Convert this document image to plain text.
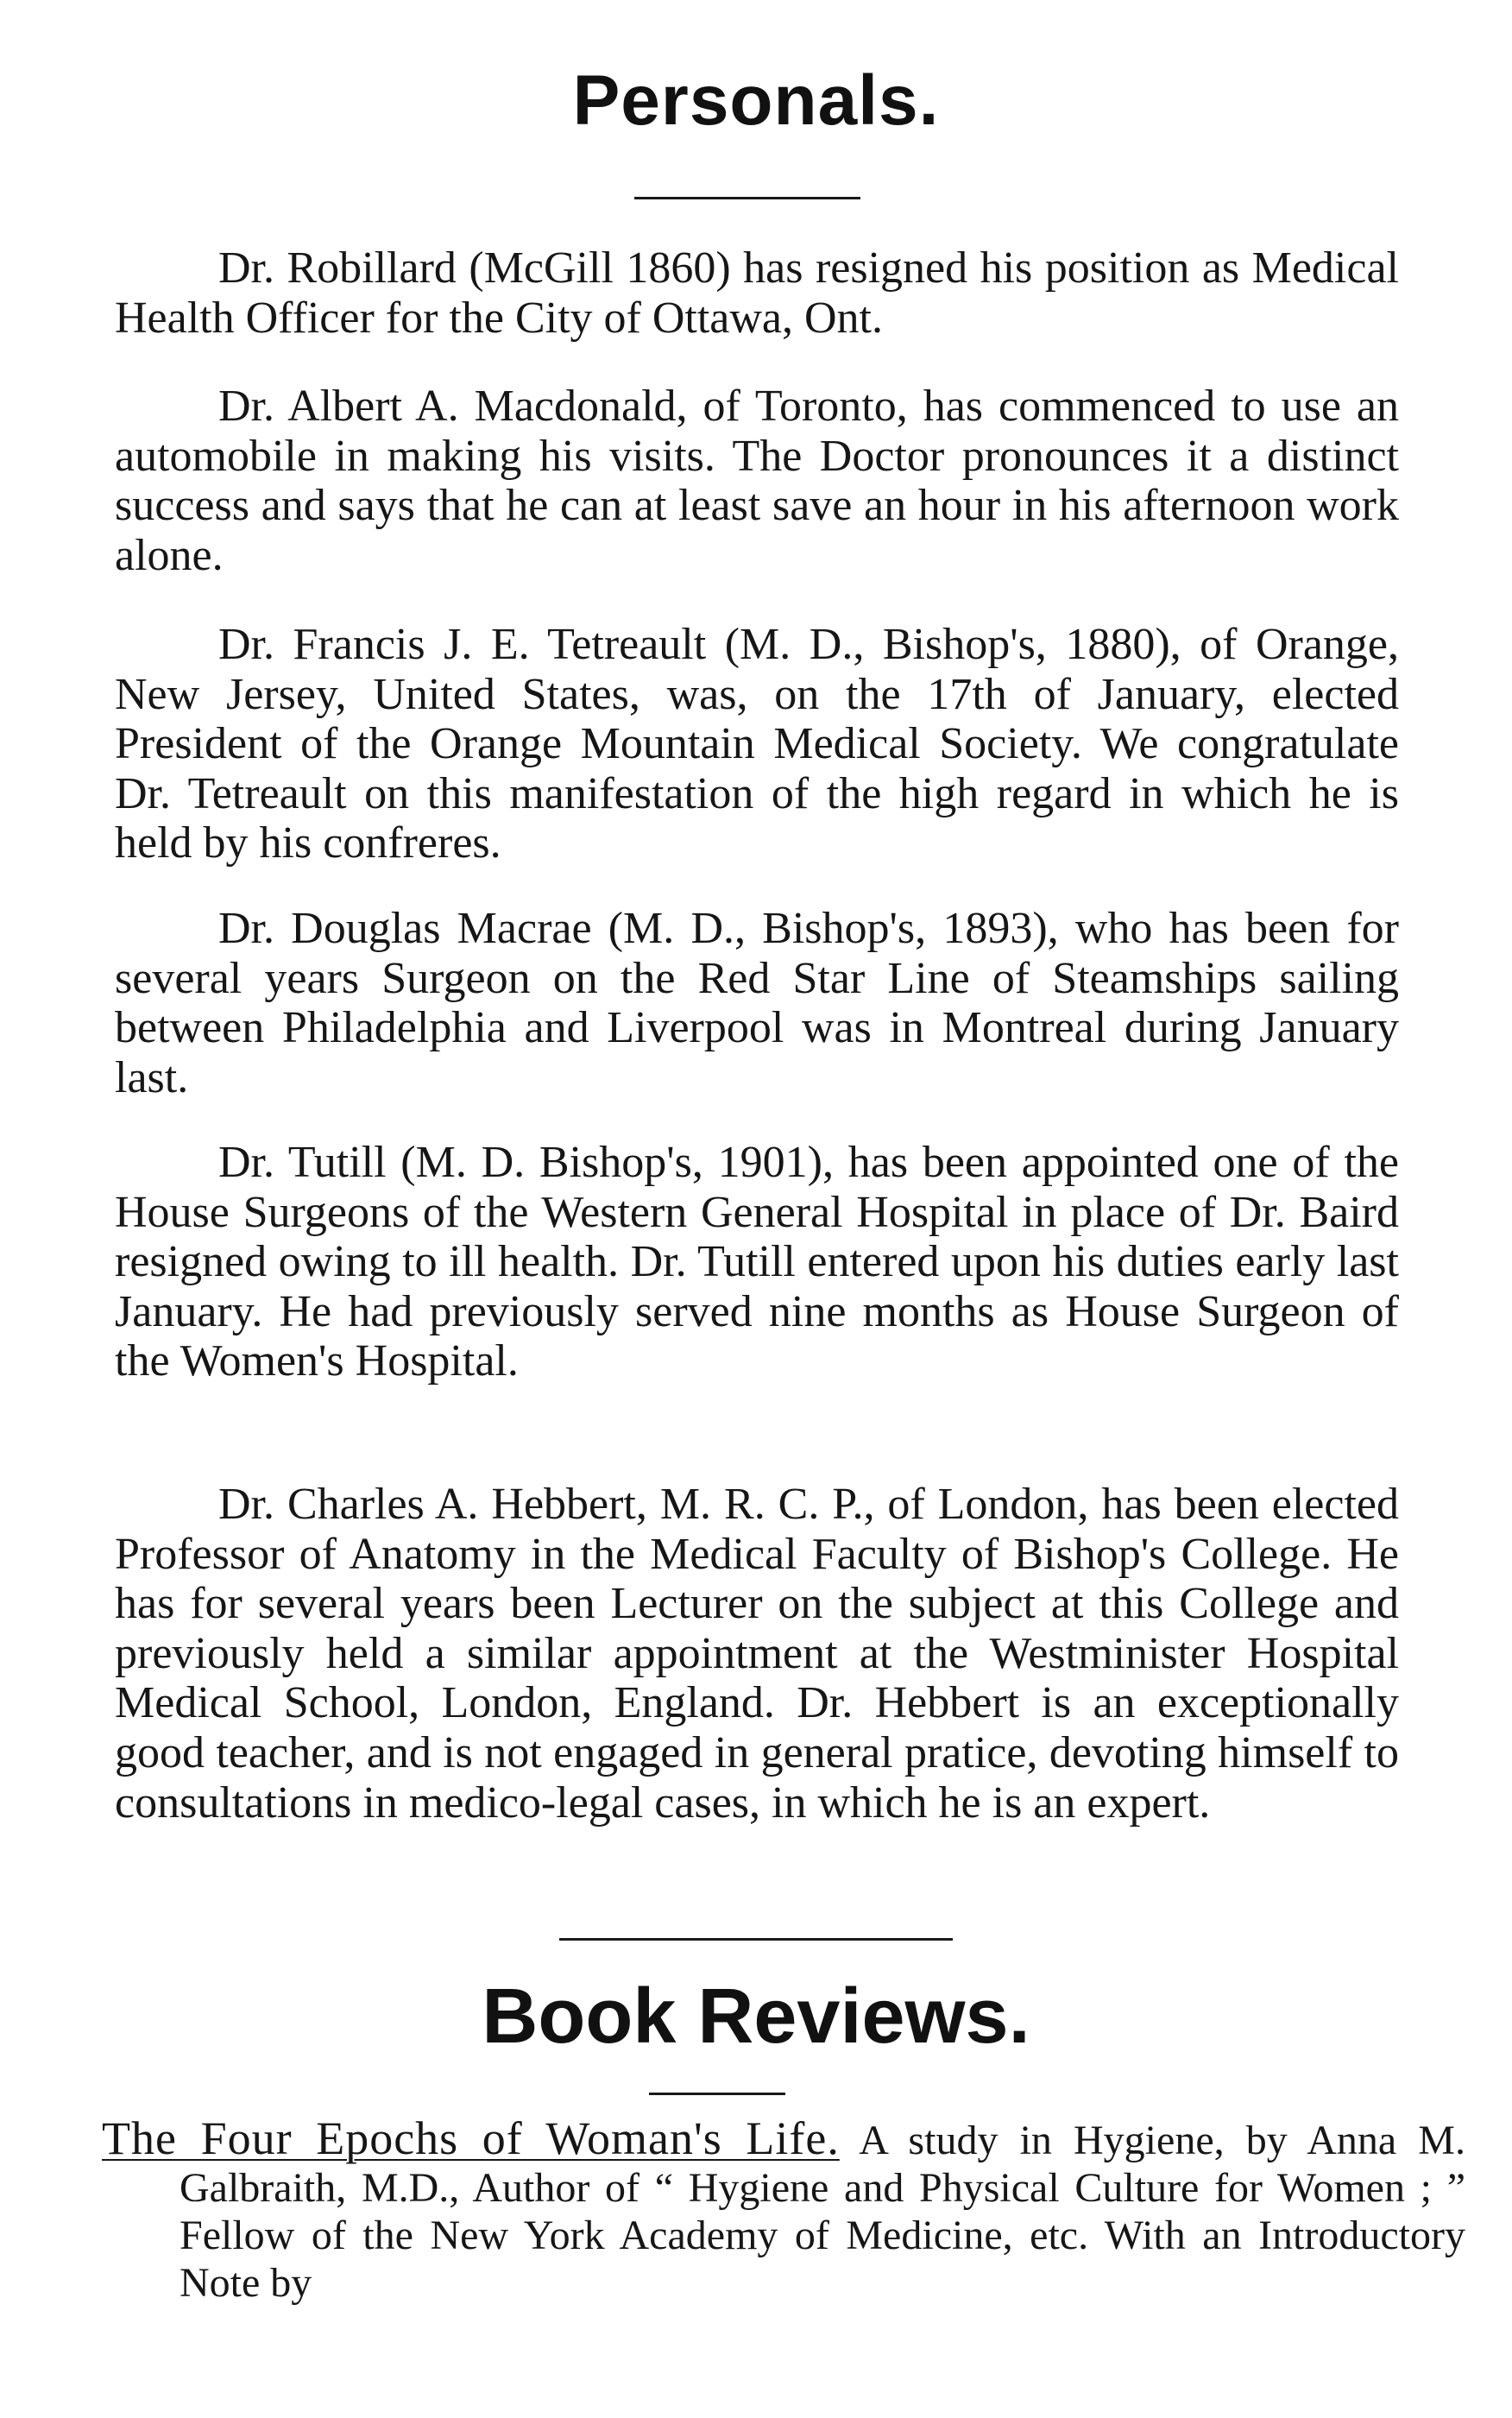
Personals.

Dr. Robillard (McGill 1860) has resigned his position as Medical Health Officer for the City of Ottawa, Ont.

Dr. Albert A. Macdonald, of Toronto, has commenced to use an automobile in making his visits. The Doctor pronounces it a distinct success and says that he can at least save an hour in his afternoon work alone.

Dr. Francis J. E. Tetreault (M. D., Bishop's, 1880), of Orange, New Jersey, United States, was, on the 17th of January, elected President of the Orange Mountain Medical Society. We congratulate Dr. Tetreault on this manifestation of the high regard in which he is held by his confreres.

Dr. Douglas Macrae (M. D., Bishop's, 1893), who has been for several years Surgeon on the Red Star Line of Steamships sailing between Philadelphia and Liverpool was in Montreal during January last.

Dr. Tutill (M. D. Bishop's, 1901), has been appointed one of the House Surgeons of the Western General Hospital in place of Dr. Baird resigned owing to ill health. Dr. Tutill entered upon his duties early last January. He had previously served nine months as House Surgeon of the Women's Hospital.

Dr. Charles A. Hebbert, M. R. C. P., of London, has been elected Professor of Anatomy in the Medical Faculty of Bishop's College. He has for several years been Lecturer on the subject at this College and previously held a similar appointment at the Westminister Hospital Medical School, London, England. Dr. Hebbert is an exceptionally good teacher, and is not engaged in general pratice, devoting himself to consultations in medico-legal cases, in which he is an expert.

Book Reviews.

The Four Epochs of Woman's Life. A study in Hygiene, by Anna M. Galbraith, M.D., Author of “ Hygiene and Physical Culture for Women ; ” Fellow of the New York Academy of Medicine, etc. With an Introductory Note by
